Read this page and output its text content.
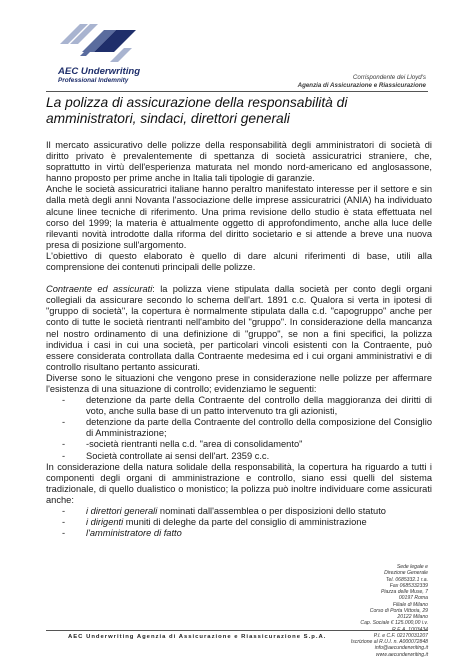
AEC Underwriting
Professional Indemnity	Corrispondente dei Lloyd's
Agenzia di Assicurazione e Riassicurazione
La polizza di assicurazione della responsabilità di amministratori, sindaci, direttori generali

Il mercato assicurativo delle polizze della responsabilità degli amministratori di società di diritto privato è prevalentemente di spettanza di società assicuratrici straniere, che, soprattutto in virtù dell'esperienza maturata nel mondo nord-americano ed anglosassone, hanno proposto per prime anche in Italia tali tipologie di garanzie.

Anche le società assicuratrici italiane hanno peraltro manifestato interesse per il settore e sin dalla metà degli anni Novanta l'associazione delle imprese assicuratrici (ANIA) ha individuato alcune linee tecniche di riferimento. Una prima revisione dello studio è stata effettuata nel corso del 1999; la materia è attualmente oggetto di approfondimento, anche alla luce delle rilevanti novità introdotte dalla riforma del diritto societario e si attende a breve una nuova presa di posizione sull'argomento.

L'obiettivo di questo elaborato è quello di dare alcuni riferimenti di base, utili alla comprensione dei contenuti principali delle polizze.

Contraente ed assicurati: la polizza viene stipulata dalla società per conto degli organi collegiali da assicurare secondo lo schema dell'art. 1891 c.c. Qualora si verta in ipotesi di "gruppo di società", la copertura è normalmente stipulata dalla c.d. "capogruppo" anche per conto di tutte le società rientranti nell'ambito del "gruppo". In considerazione della mancanza nel nostro ordinamento di una definizione di "gruppo", se non a fini specifici, la polizza individua i casi in cui una società, per particolari vincoli esistenti con la Contraente, può essere considerata controllata dalla Contraente medesima ed i cui organi amministrativi e di controllo risultano pertanto assicurati.

Diverse sono le situazioni che vengono prese in considerazione nelle polizze per affermare l'esistenza di una situazione di controllo; evidenziamo le seguenti:

- detenzione da parte della Contraente del controllo della maggioranza dei diritti di voto, anche sulla base di un patto intervenuto tra gli azionisti,
- detenzione da parte della Contraente del controllo della composizione del Consiglio di Amministrazione;
- -società rientranti nella c.d. "area di consolidamento"
- Società controllate ai sensi dell'art. 2359 c.c.

In considerazione della natura solidale della responsabilità, la copertura ha riguardo a tutti i componenti degli organi di amministrazione e controllo, siano essi quelli del sistema tradizionale, di quello dualistico o monistico; la polizza può inoltre individuare come assicurati anche:

- i direttori generali nominati dall'assemblea o per disposizioni dello statuto
- i dirigenti muniti di deleghe da parte del consiglio di amministrazione
- l'amministratore di fatto
Sede legale e
Direzione Generale
Tel. 0685332.1 r.a.
Fax 0685332339
Piazza delle Muse, 7
00197 Roma
Filiale di Milano
Corso di Porta Vittoria, 29
20122 Milano
Cap. Sociale € 125.000,00 i.v.
R.E.A. 1003434
P.I. e C.F. 02170031207
Iscrizione al R.U.I. n. A000072848
info@aecunderwriting.it
www.aecunderwriting.it
AEC Underwriting Agenzia di Assicurazione e Riassicurazione S.p.A.
